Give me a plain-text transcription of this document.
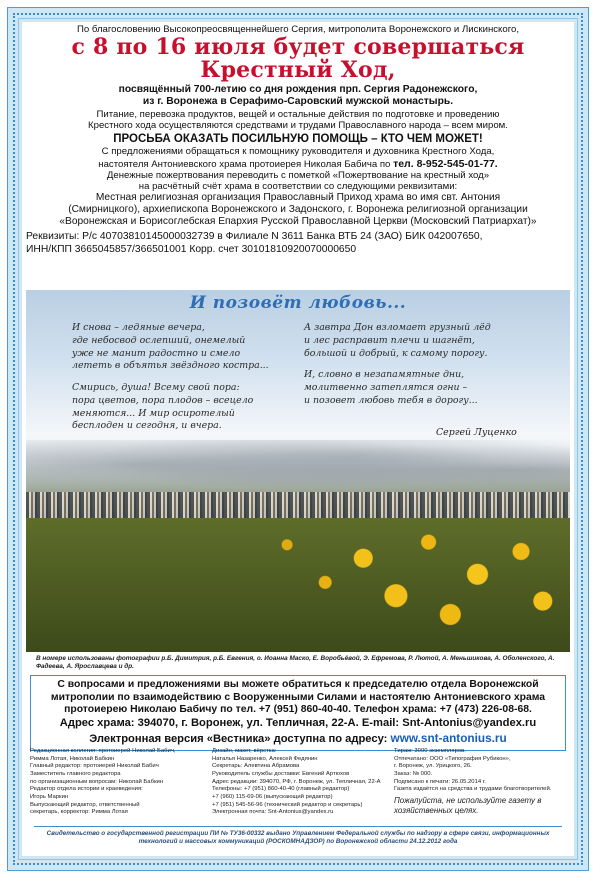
По благословению Высокопреосвященнейшего Сергия, митрополита Воронежского и Лискинского,
с 8 по 16 июля будет совершаться Крестный Ход,
посвящённый 700-летию со дня рождения прп. Сергия Радонежского,
из г. Воронежа в Серафимо-Саровский мужской монастырь.
Питание, перевозка продуктов, вещей и остальные действия по подготовке и проведению
Крестного хода осуществляются средствами и трудами Православного народа – всем миром.
ПРОСЬБА ОКАЗАТЬ ПОСИЛЬНУЮ ПОМОЩЬ – КТО ЧЕМ МОЖЕТ!
С предложениями обращаться к помощнику руководителя и духовника Крестного Хода,
настоятеля Антониевского храма протоиерея Николая Бабича по тел. 8-952-545-01-77.
Денежные пожертвования переводить с пометкой «Пожертвование на крестный ход»
на расчётный счёт храма в соответствии со следующими реквизитами:
Местная религиозная организация Православный Приход храма во имя свт. Антония
(Смирницкого), архиепископа Воронежского и Задонского, г. Воронежа религиозной организации
«Воронежская и Борисоглебская Епархия Русской Православной Церкви (Московский Патриархат)»
Реквизиты: Р/с 40703810145000032739 в Филиале N 3611 Банка ВТБ 24 (ЗАО) БИК 042007650,
ИНН/КПП 3665045857/366501001 Корр. счет 30101810920070000650
И позовёт любовь...
И снова – ледяные вечера,
где небосвод ослепший, онемелый
уже не манит радостно и смело
лететь в объятья звёздного костра...
Смирись, душа! Всему свой пора:
пора цветов, пора плодов – всецело
меняются... И мир осиротелый
бесплоден и сегодня, и вчера.
А завтра Дон взломает грузный лёд
и лес расправит плечи и шагнёт,
большой и добрый, к самому порогу.
И, словно в незапамятные дни,
молитвенно затеплятся огни –
и позовет любовь тебя в дорогу...
Сергей Луценко
В номере использованы фотографии р.Б. Димитрия, р.Б. Евгения, о. Иоанна Маско, Е. Воробьёвой, Э. Ефремова, Р. Лютой, А. Меньшикова, А. Оболенского, А. Фадеева, А. Ярославцева и др.
С вопросами и предложениями вы можете обратиться к председателю отдела Воронежской
митрополии по взаимодействию с Вооруженными Силами и настоятелю Антониевского храма
протоиерею Николаю Бабичу по тел. +7 (951) 860-40-40. Телефон храма: +7 (473) 226-08-68.
Адрес храма: 394070, г. Воронеж, ул. Тепличная, 22-А. E-mail: Snt-Antonius@yandex.ru
Электронная версия «Вестника» доступна по адресу: www.snt-antonius.ru
Редакционная коллегия: протоиерей Николай Бабич,
Римма Лотая, Николай Бабкин
Главный редактор: протоиерей Николай Бабич
Заместитель главного редактора
по организационным вопросам: Николай Бабкин
Редактор отдела истории и краеведения:
Игорь Маркин
Выпускающий редактор, ответственный
секретарь, корректор: Римма Лотая
Дизайн, макет, вёрстка:
Наталья Назаренко, Алексей Федянин
Секретарь: Алевтина Абрамова
Руководитель службы доставки: Евгений Артюхов
Адрес редакции: 394070, РФ, г. Воронеж, ул. Тепличная, 22-А
Телефоны: +7 (951) 860-40-40 (главный редактор)
+7 (960) 115-69-06 (выпускающий редактор)
+7 (951) 545-56-96 (технический редактор и секретарь)
Электронная почта: Snt-Antonius@yandex.ru
Тираж: 3000 экземпляров.
Отпечатано: ООО «Типография Рубикон»,
г. Воронеж, ул. Урицкого, 26.
Заказ: № 000.
Подписано к печати: 26.05.2014 г.
Газета издаётся на средства и трудами благотворителей.
Пожалуйста, не используйте газету в хозяйственных целях.
Свидетельство о государственной регистрации ПИ № ТУ36-00332 выдано Управлением Федеральной службы по надзору в сфере связи, информационных технологий и массовых коммуникаций (РОСКОМНАДЗОР) по Воронежской области 24.12.2012 года
